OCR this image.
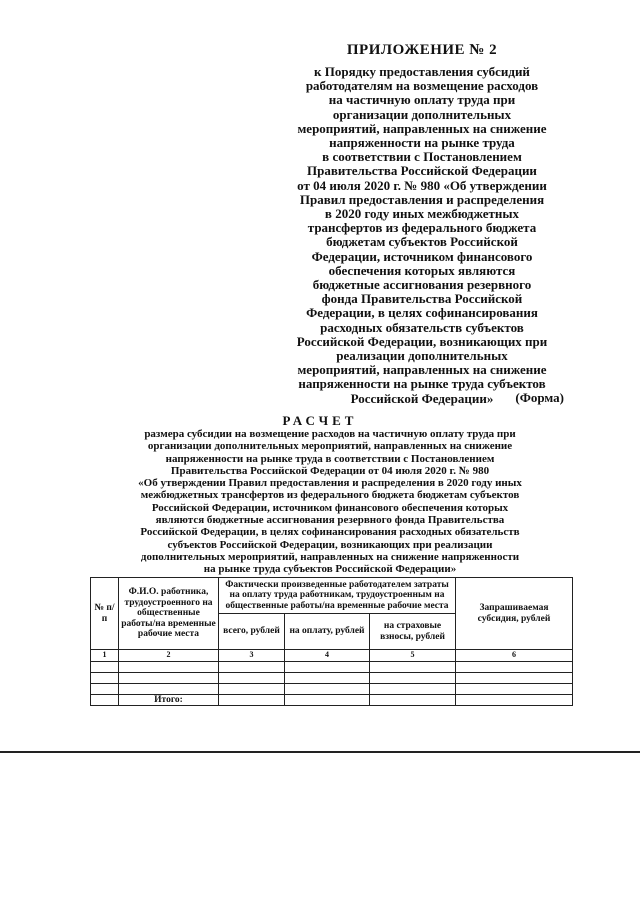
ПРИЛОЖЕНИЕ № 2
к Порядку предоставления субсидий
работодателям на возмещение расходов
на частичную оплату труда при
организации дополнительных
мероприятий, направленных на снижение
напряженности на рынке труда
в соответствии с Постановлением
Правительства Российской Федерации
от 04 июля 2020 г. № 980 «Об утверждении
Правил предоставления и распределения
в 2020 году иных межбюджетных
трансфертов из федерального бюджета
бюджетам субъектов Российской
Федерации, источником финансового
обеспечения которых являются
бюджетные ассигнования резервного
фонда Правительства Российской
Федерации, в целях софинансирования
расходных обязательств субъектов
Российской Федерации, возникающих при
реализации дополнительных
мероприятий, направленных на снижение
напряженности на рынке труда субъектов
Российской Федерации»	(Форма)
РАСЧЕТ
размера субсидии на возмещение расходов на частичную оплату труда при
организации дополнительных мероприятий, направленных на снижение
напряженности на рынке труда в соответствии с Постановлением
Правительства Российской Федерации от 04 июля 2020 г. № 980
«Об утверждении Правил предоставления и распределения в 2020 году иных
межбюджетных трансфертов из федерального бюджета бюджетам субъектов
Российской Федерации, источником финансового обеспечения которых
являются бюджетные ассигнования резервного фонда Правительства
Российской Федерации, в целях софинансирования расходных обязательств
субъектов Российской Федерации, возникающих при реализации
дополнительных мероприятий, направленных на снижение напряженности
на рынке труда субъектов Российской Федерации»
№ п/п	Ф.И.О. работника, трудоустроенного на общественные работы/на временные рабочие места	Фактически произведенные работодателем затраты на оплату труда работникам, трудоустроенным на общественные работы/на временные рабочие места			Запрашиваемая субсидия, рублей
		всего, рублей	на оплату, рублей	на страховые взносы, рублей	
1	2	3	4	5	6

	Итого:				
